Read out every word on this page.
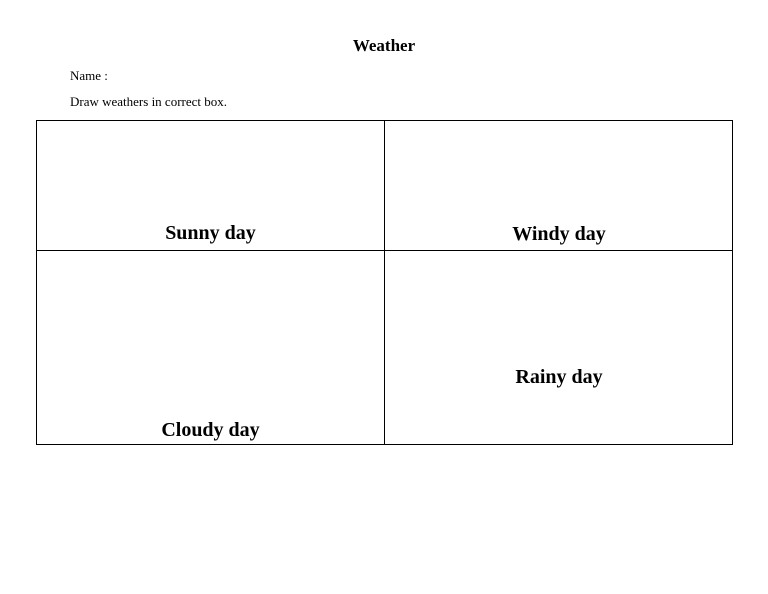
Weather
Name :
Draw weathers in correct box.
Sunny day	Windy day
Cloudy day
Rainy day
